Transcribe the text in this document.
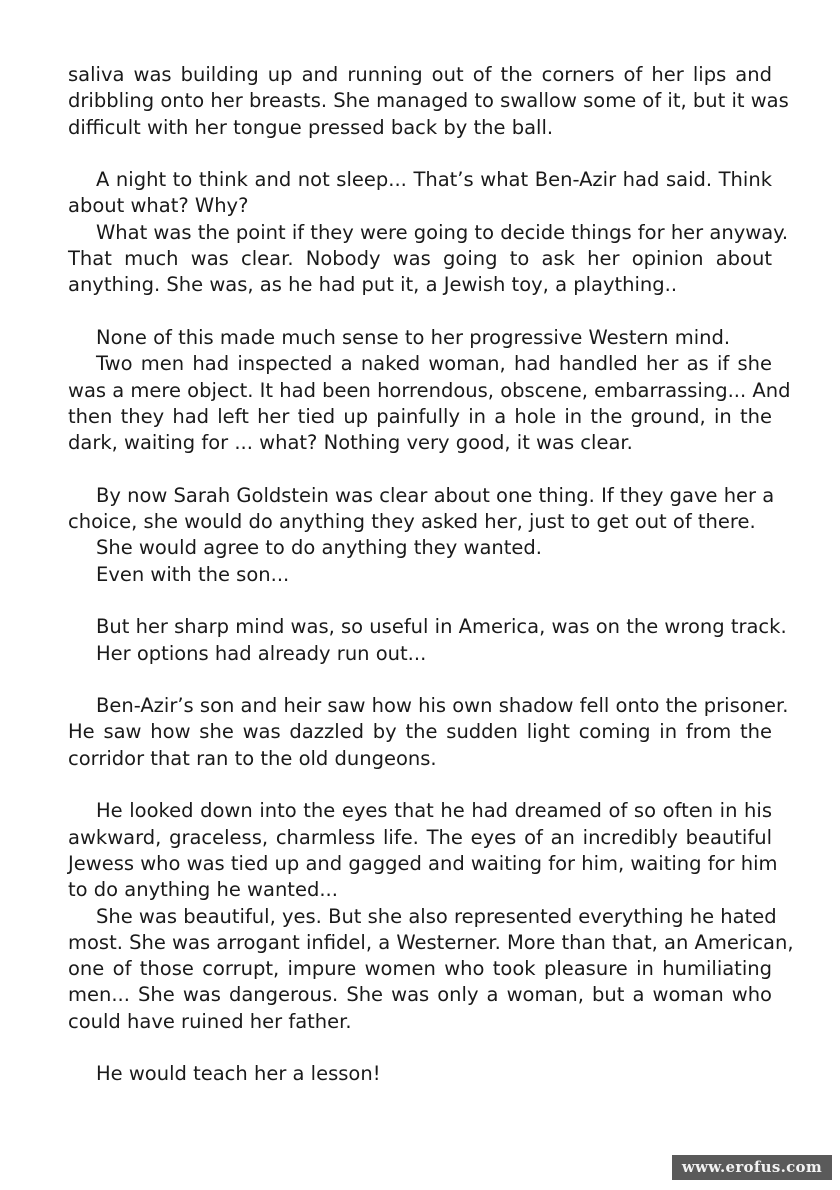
saliva was building up and running out of the corners of her lips and
dribbling onto her breasts. She managed to swallow some of it, but it was
difficult with her tongue pressed back by the ball.
A night to think and not sleep... That’s what Ben-Azir had said. Think
about what? Why?
What was the point if they were going to decide things for her anyway.
That much was clear. Nobody was going to ask her opinion about
anything. She was, as he had put it, a Jewish toy, a plaything..
None of this made much sense to her progressive Western mind.
Two men had inspected a naked woman, had handled her as if she
was a mere object. It had been horrendous, obscene, embarrassing... And
then they had left her tied up painfully in a hole in the ground, in the
dark, waiting for ... what? Nothing very good, it was clear.
By now Sarah Goldstein was clear about one thing. If they gave her a
choice, she would do anything they asked her, just to get out of there.
She would agree to do anything they wanted.
Even with the son...
But her sharp mind was, so useful in America, was on the wrong track.
Her options had already run out...
Ben-Azir’s son and heir saw how his own shadow fell onto the prisoner.
He saw how she was dazzled by the sudden light coming in from the
corridor that ran to the old dungeons.
He looked down into the eyes that he had dreamed of so often in his
awkward, graceless, charmless life. The eyes of an incredibly beautiful
Jewess who was tied up and gagged and waiting for him, waiting for him
to do anything he wanted...
She was beautiful, yes. But she also represented everything he hated
most. She was arrogant infidel, a Westerner. More than that, an American,
one of those corrupt, impure women who took pleasure in humiliating
men... She was dangerous. She was only a woman, but a woman who
could have ruined her father.
He would teach her a lesson!
www.erofus.com
